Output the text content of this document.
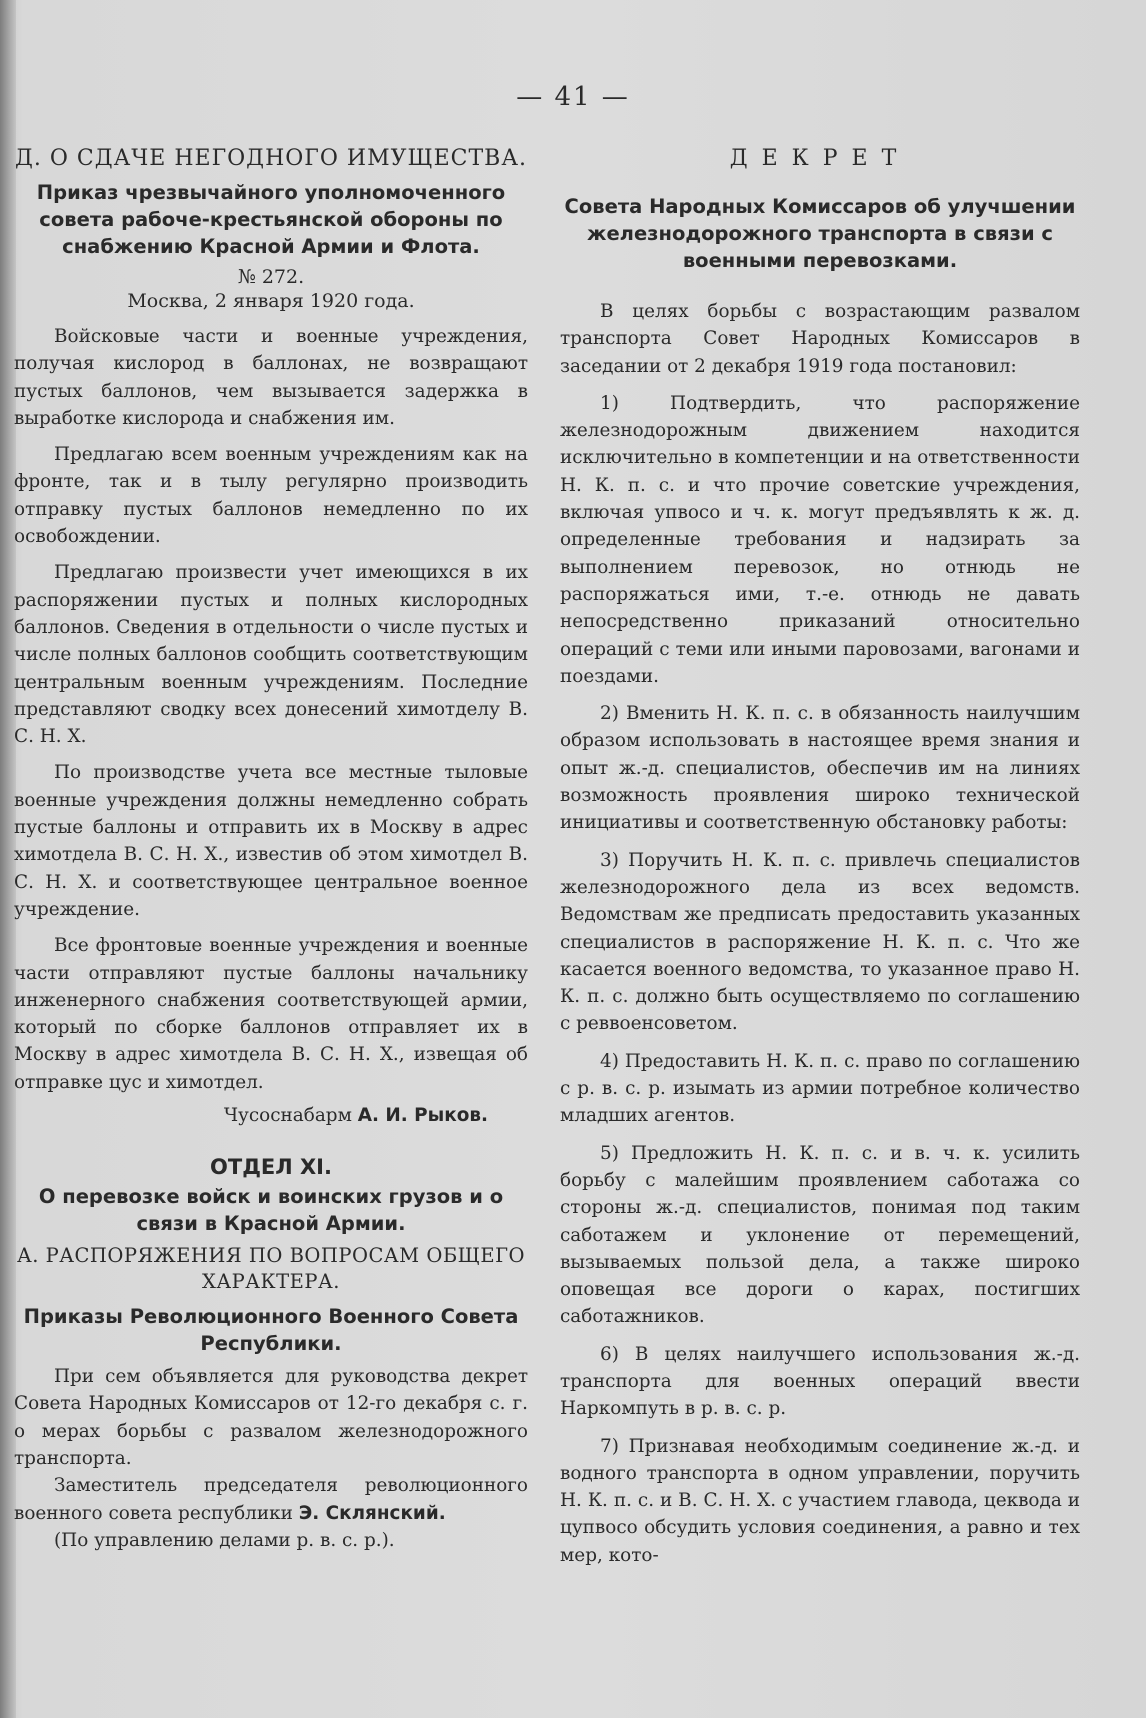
— 41 —
Д. О СДАЧЕ НЕГОДНОГО ИМУЩЕСТВА.
Приказ чрезвычайного уполномоченного совета рабоче-крестьянской обороны по снабжению Красной Армии и Флота.
№ 272.
Москва, 2 января 1920 года.

Войсковые части и военные учреждения, получая кислород в баллонах, не возвращают пустых баллонов, чем вызывается задержка в выработке кислорода и снабжения им.

Предлагаю всем военным учреждениям как на фронте, так и в тылу регулярно производить отправку пустых баллонов немедленно по их освобождении.

Предлагаю произвести учет имеющихся в их распоряжении пустых и полных кислородных баллонов. Сведения в отдельности о числе пустых и числе полных баллонов сообщить соответствующим центральным военным учреждениям. Последние представляют сводку всех донесений химотделу В. С. Н. Х.

По производстве учета все местные тыловые военные учреждения должны немедленно собрать пустые баллоны и отправить их в Москву в адрес химотдела В. С. Н. Х., известив об этом химотдел В. С. Н. Х. и соответствующее центральное военное учреждение.

Все фронтовые военные учреждения и военные части отправляют пустые баллоны начальнику инженерного снабжения соответствующей армии, который по сборке баллонов отправляет их в Москву в адрес химотдела В. С. Н. Х., извещая об отправке цус и химотдел.

Чусоснабарм А. И. Рыков.
ОТДЕЛ XI.
О перевозке войск и воинских грузов и о связи в Красной Армии.
А. РАСПОРЯЖЕНИЯ ПО ВОПРОСАМ ОБЩЕГО ХАРАКТЕРА.
Приказы Революционного Военного Совета Республики.

При сем объявляется для руководства декрет Совета Народных Комиссаров от 12-го декабря с. г. о мерах борьбы с развалом железнодорожного транспорта.

Заместитель председателя революционного военного совета республики Э. Склянский.

(По управлению делами р. в. с. р.).

ДЕКРЕТ
Совета Народных Комиссаров об улучшении железнодорожного транспорта в связи с военными перевозками.

В целях борьбы с возрастающим развалом транспорта Совет Народных Комиссаров в заседании от 2 декабря 1919 года постановил:

1) Подтвердить, что распоряжение железнодорожным движением находится исключительно в компетенции и на ответственности Н. К. п. с. и что прочие советские учреждения, включая упвосо и ч. к. могут предъявлять к ж. д. определенные требования и надзирать за выполнением перевозок, но отнюдь не распоряжаться ими, т.-е. отнюдь не давать непосредственно приказаний относительно операций с теми или иными паровозами, вагонами и поездами.

2) Вменить Н. К. п. с. в обязанность наилучшим образом использовать в настоящее время знания и опыт ж.-д. специалистов, обеспечив им на линиях возможность проявления широко технической инициативы и соответственную обстановку работы:

3) Поручить Н. К. п. с. привлечь специалистов железнодорожного дела из всех ведомств. Ведомствам же предписать предоставить указанных специалистов в распоряжение Н. К. п. с. Что же касается военного ведомства, то указанное право Н. К. п. с. должно быть осуществляемо по соглашению с реввоенсоветом.

4) Предоставить Н. К. п. с. право по соглашению с р. в. с. р. изымать из армии потребное количество младших агентов.

5) Предложить Н. К. п. с. и в. ч. к. усилить борьбу с малейшим проявлением саботажа со стороны ж.-д. специалистов, понимая под таким саботажем и уклонение от перемещений, вызываемых пользой дела, а также широко оповещая все дороги о карах, постигших саботажников.

6) В целях наилучшего использования ж.-д. транспорта для военных операций ввести Наркомпуть в р. в. с. р.

7) Признавая необходимым соединение ж.-д. и водного транспорта в одном управлении, поручить Н. К. п. с. и В. С. Н. Х. с участием главода, цекводa и цупвосо обсудить условия соединения, а равно и тех мер, кото-
